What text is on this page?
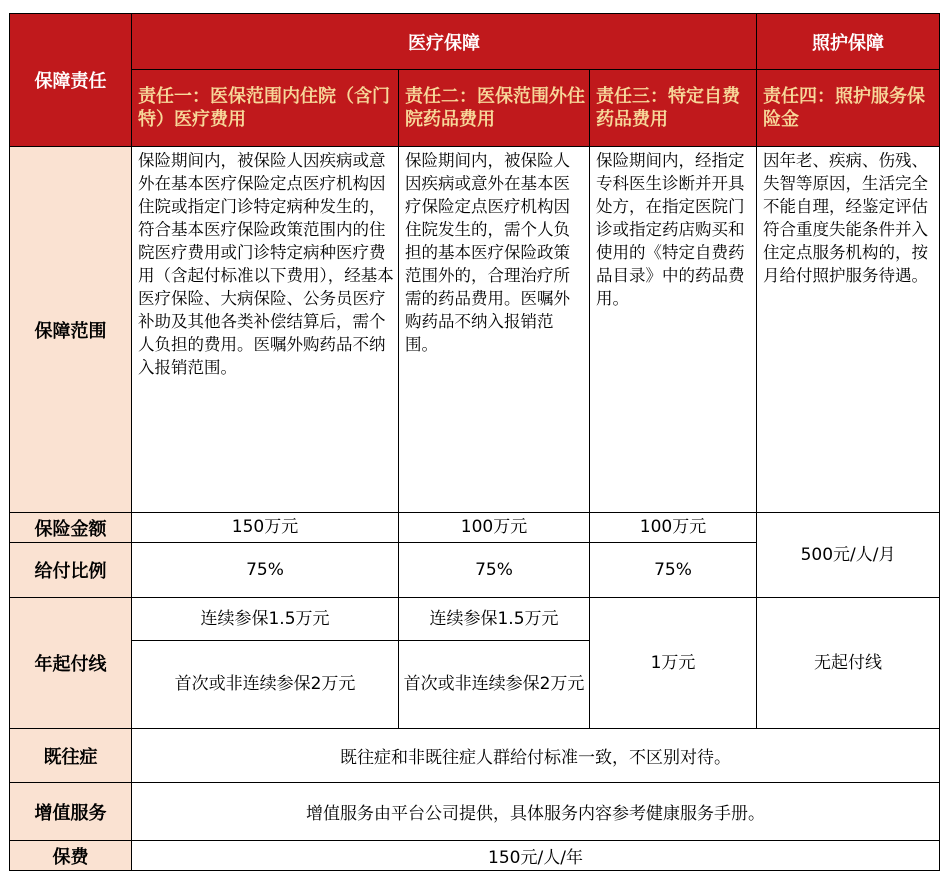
保障责任	医疗保障			照护保障
	责任一：医保范围内住院（含门特）医疗费用	责任二：医保范围外住院药品费用	责任三：特定自费药品费用	责任四：照护服务保险金
保障范围	保险期间内，被保险人因疾病或意外在基本医疗保险定点医疗机构因住院或指定门诊特定病种发生的，符合基本医疗保险政策范围内的住院医疗费用或门诊特定病种医疗费用（含起付标准以下费用），经基本医疗保险、大病保险、公务员医疗补助及其他各类补偿结算后，需个人负担的费用。医嘱外购药品不纳入报销范围。	保险期间内，被保险人因疾病或意外在基本医疗保险定点医疗机构因住院发生的，需个人负担的基本医疗保险政策范围外的，合理治疗所需的药品费用。医嘱外购药品不纳入报销范围。	保险期间内，经指定专科医生诊断并开具处方，在指定医院门诊或指定药店购买和使用的《特定自费药品目录》中的药品费用。	因年老、疾病、伤残、失智等原因，生活完全不能自理，经鉴定评估符合重度失能条件并入住定点服务机构的，按月给付照护服务待遇。
保险金额	150万元	100万元	100万元	500元/人/月
给付比例	75%	75%	75%	
年起付线	连续参保1.5万元	连续参保1.5万元	1万元	无起付线
	首次或非连续参保2万元	首次或非连续参保2万元		
既往症	既往症和非既往症人群给付标准一致，不区别对待。			
增值服务	增值服务由平台公司提供，具体服务内容参考健康服务手册。			
保费	150元/人/年			
